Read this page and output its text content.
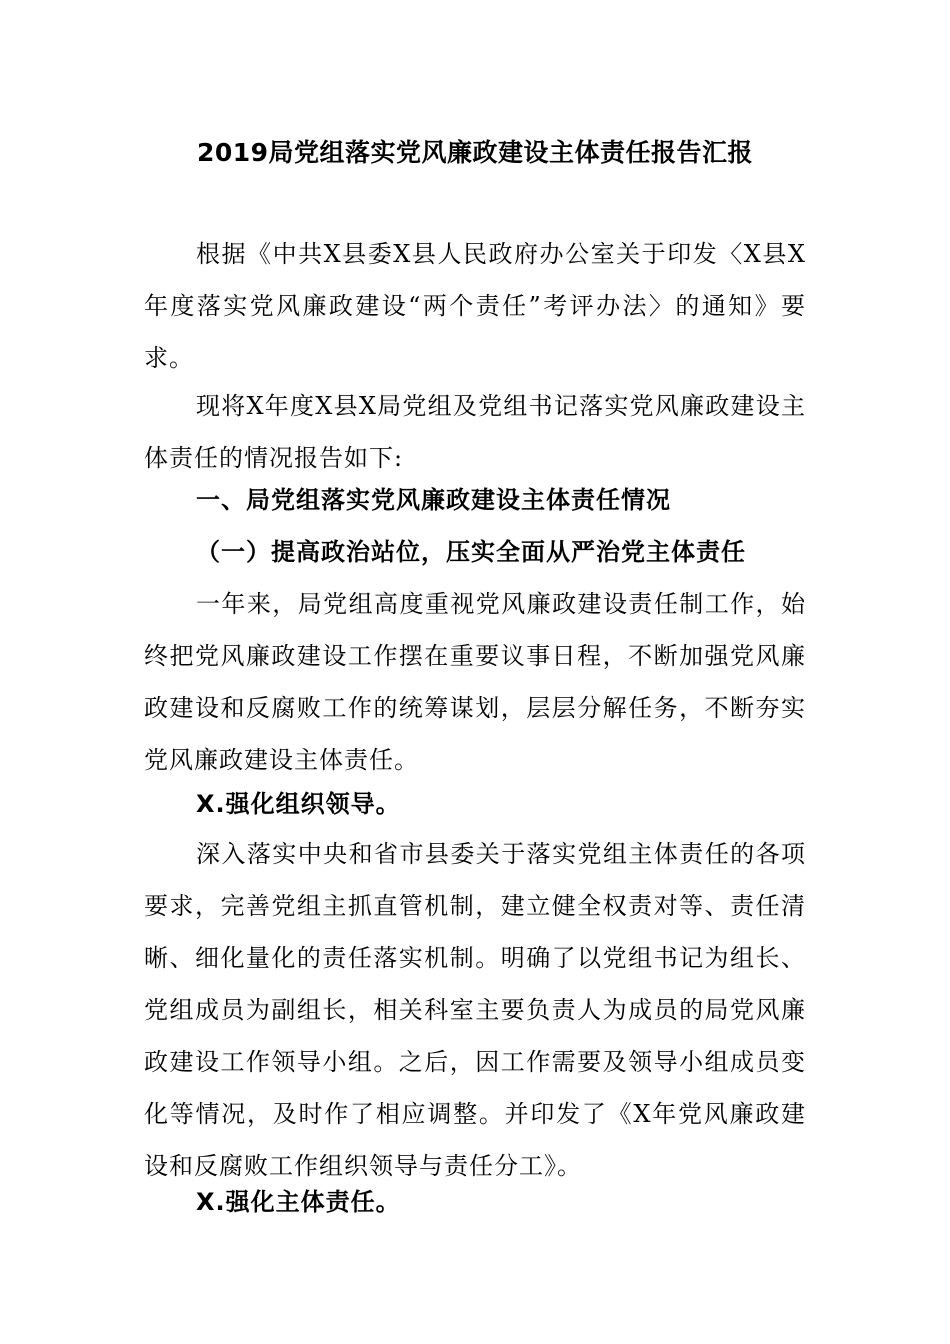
2019局党组落实党风廉政建设主体责任报告汇报

根据《中共X县委X县人民政府办公室关于印发〈X县X年度落实党风廉政建设“两个责任”考评办法〉的通知》要求。

现将X年度X县X局党组及党组书记落实党风廉政建设主体责任的情况报告如下:

一、局党组落实党风廉政建设主体责任情况

（一）提高政治站位，压实全面从严治党主体责任

一年来，局党组高度重视党风廉政建设责任制工作，始终把党风廉政建设工作摆在重要议事日程，不断加强党风廉政建设和反腐败工作的统筹谋划，层层分解任务，不断夯实党风廉政建设主体责任。

X.强化组织领导。

深入落实中央和省市县委关于落实党组主体责任的各项要求，完善党组主抓直管机制，建立健全权责对等、责任清晰、细化量化的责任落实机制。明确了以党组书记为组长、党组成员为副组长，相关科室主要负责人为成员的局党风廉政建设工作领导小组。之后，因工作需要及领导小组成员变化等情况，及时作了相应调整。并印发了《X年党风廉政建设和反腐败工作组织领导与责任分工》。

X.强化主体责任。
